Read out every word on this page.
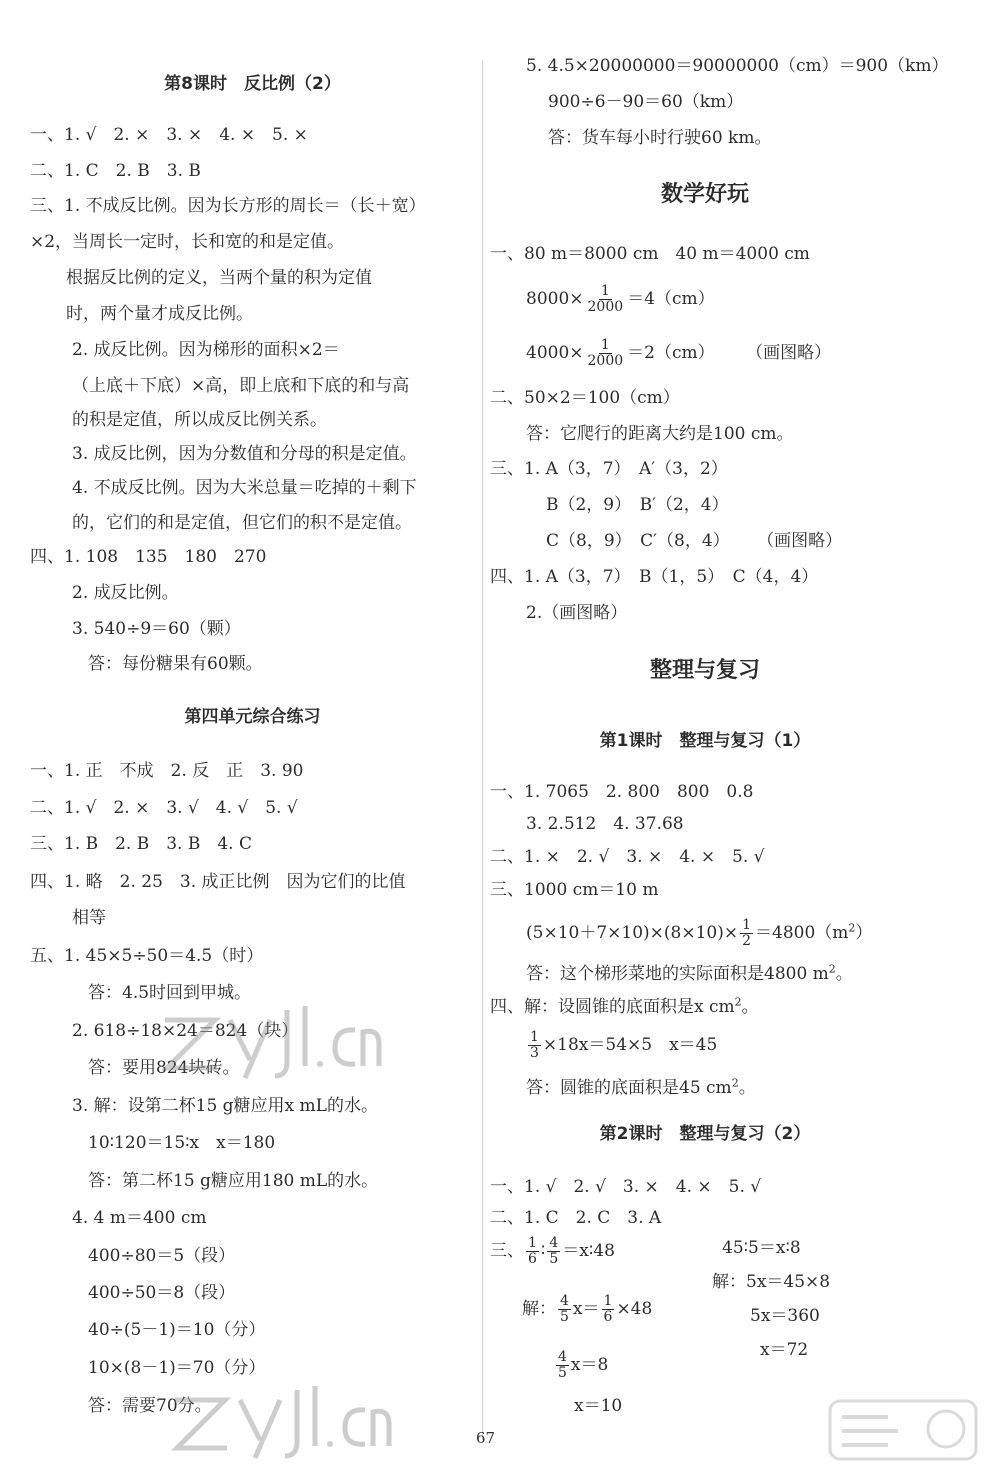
第8课时　反比例（2）
一、1. √　2. ×　3. ×　4. ×　5. ×
二、1. C　2. B　3. B
三、1. 不成反比例。因为长方形的周长＝（长＋宽）
×2，当周长一定时，长和宽的和是定值。
根据反比例的定义，当两个量的积为定值
时，两个量才成反比例。
2. 成反比例。因为梯形的面积×2＝
（上底＋下底）×高，即上底和下底的和与高
的积是定值，所以成反比例关系。
3. 成反比例，因为分数值和分母的积是定值。
4. 不成反比例。因为大米总量＝吃掉的＋剩下
的，它们的和是定值，但它们的积不是定值。
四、1. 108　135　180　270
2. 成反比例。
3. 540÷9＝60（颗）
答：每份糖果有60颗。
第四单元综合练习
一、1. 正　不成　2. 反　正　3. 90
二、1. √　2. ×　3. √　4. √　5. √
三、1. B　2. B　3. B　4. C
四、1. 略　2. 25　3. 成正比例　因为它们的比值
相等
五、1. 45×5÷50＝4.5（时）
答：4.5时回到甲城。
2. 618÷18×24＝824（块）
答：要用824块砖。
3. 解：设第二杯15 g糖应用x mL的水。
10∶120＝15∶x　x＝180
答：第二杯15 g糖应用180 mL的水。
4. 4 m＝400 cm
400÷80＝5（段）
400÷50＝8（段）
40÷(5－1)＝10（分）
10×(8－1)＝70（分）
答：需要70分。
5. 4.5×20000000＝90000000（cm）＝900（km）
900÷6－90＝60（km）
答：货车每小时行驶60 km。
数学好玩
一、80 m＝8000 cm　40 m＝4000 cm
$8000\times \frac{1}{2000} =4(cm)$
$4000\times \frac{1}{2000} =2(cm)$ （画图略）
二、50×2＝100（cm）
答：它爬行的距离大约是100 cm。
三、1. A（3，7）　A′（3，2）
B（2，9）　B′（2，4）
C（8，9）　C′（8，4） （画图略）
四、1. A（3，7）　B（1，5）　C（4，4）
2.（画图略）
整理与复习
第1课时　整理与复习（1）
一、1. 7065　2. 800　800　0.8
3. 2.512　4. 37.68
二、1. ×　2. √　3. ×　4. ×　5. √
三、1000 cm＝10 m
$(5\times 10+7\times 10)\times(8\times 10)\times \frac{1}{2} =4800(m^2)$
答：这个梯形菜地的实际面积是4800 $m^2$。
四、解：设圆锥的底面积是x $cm^2$。
$\frac{1}{3} \times 18x=54\times 5$　x＝45
答：圆锥的底面积是45 $cm^2$。
第2课时　整理与复习（2）
一、1. √　2. √　3. ×　4. ×　5. √
二、1. C　2. C　3. A
三、 $\frac{1}{6}$ ∶ $\frac{4}{5}$ ＝x∶48	45∶5＝x∶8
解： $\frac{4}{5} x= \frac{1}{6} \times 48$
解：5x＝45×8
5x＝360
x＝72
$\frac{4}{5} x=8$
x＝10
67
